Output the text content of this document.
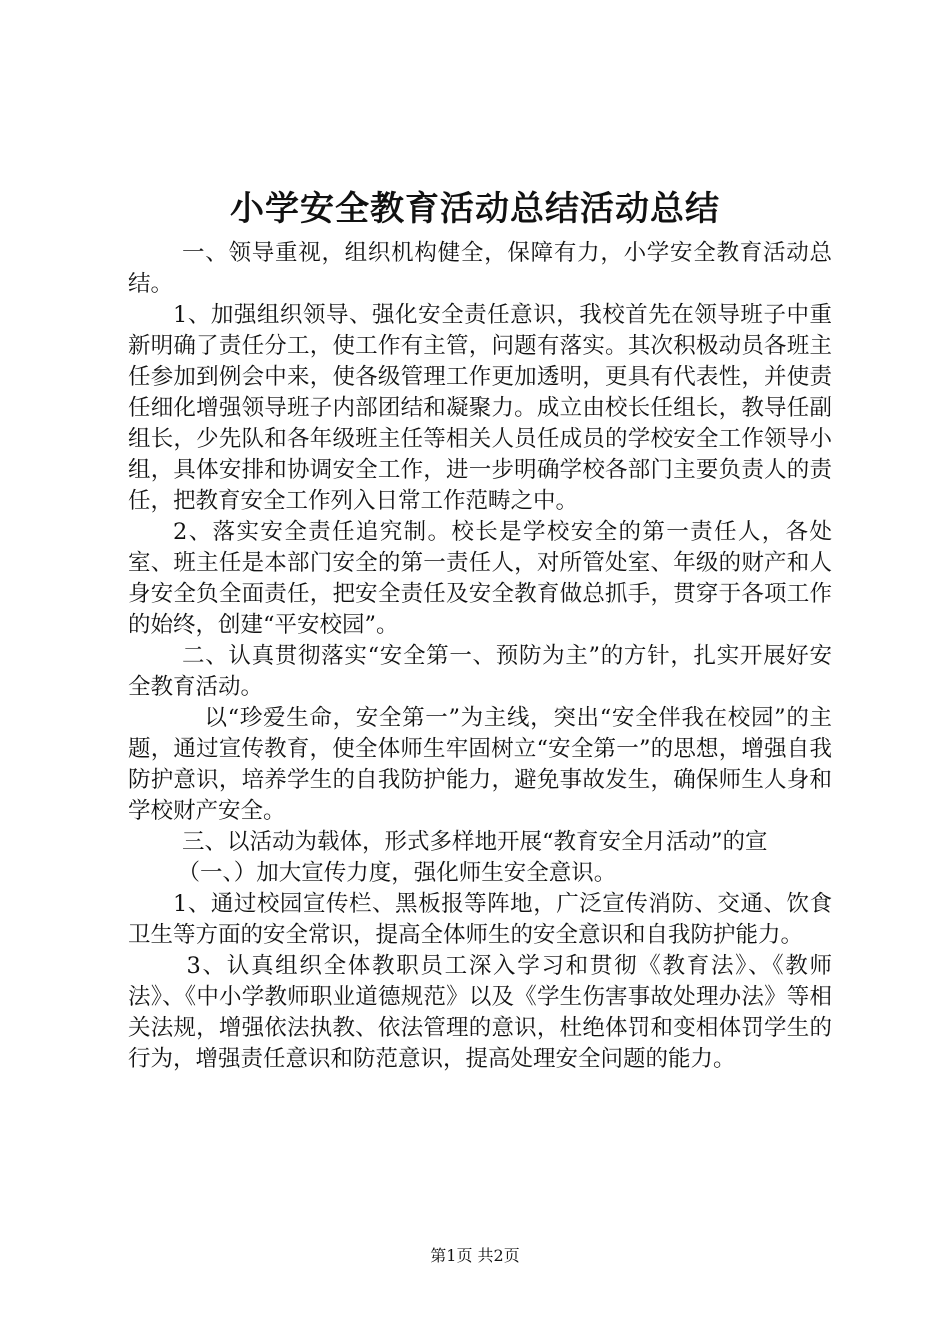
小学安全教育活动总结活动总结

一、领导重视，组织机构健全，保障有力，小学安全教育活动总结。

1、加强组织领导、强化安全责任意识，我校首先在领导班子中重新明确了责任分工，使工作有主管，问题有落实。其次积极动员各班主任参加到例会中来，使各级管理工作更加透明，更具有代表性，并使责任细化增强领导班子内部团结和凝聚力。成立由校长任组长，教导任副组长，少先队和各年级班主任等相关人员任成员的学校安全工作领导小组，具体安排和协调安全工作，进一步明确学校各部门主要负责人的责任，把教育安全工作列入日常工作范畴之中。

2、落实安全责任追究制。校长是学校安全的第一责任人，各处室、班主任是本部门安全的第一责任人，对所管处室、年级的财产和人身安全负全面责任，把安全责任及安全教育做总抓手，贯穿于各项工作的始终，创建“平安校园”。

二、认真贯彻落实“安全第一、预防为主”的方针，扎实开展好安全教育活动。

以“珍爱生命，安全第一”为主线，突出“安全伴我在校园”的主题，通过宣传教育，使全体师生牢固树立“安全第一”的思想，增强自我防护意识，培养学生的自我防护能力，避免事故发生，确保师生人身和学校财产安全。

三、以活动为载体，形式多样地开展“教育安全月活动”的宣

（一、）加大宣传力度，强化师生安全意识。

1、通过校园宣传栏、黑板报等阵地，广泛宣传消防、交通、饮食卫生等方面的安全常识，提高全体师生的安全意识和自我防护能力。

3、认真组织全体教职员工深入学习和贯彻《教育法》、《教师法》、《中小学教师职业道德规范》以及《学生伤害事故处理办法》等相关法规，增强依法执教、依法管理的意识，杜绝体罚和变相体罚学生的行为，增强责任意识和防范意识，提高处理安全问题的能力。

第1页 共2页
